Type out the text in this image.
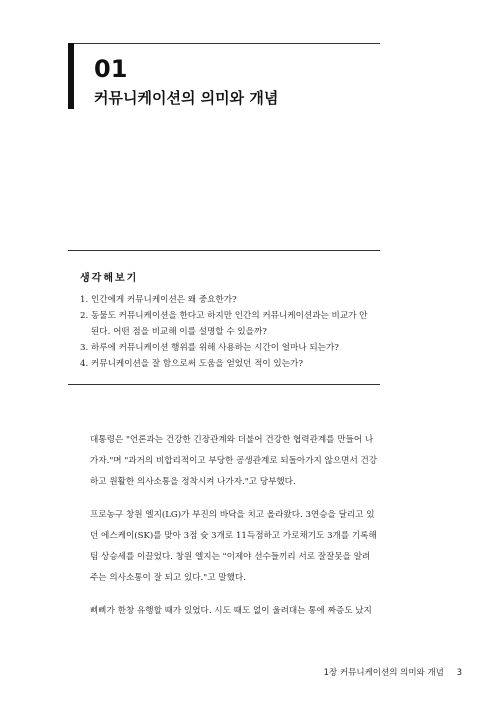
01
커뮤니케이션의 의미와 개념
생각해보기
1. 인간에게 커뮤니케이션은 왜 중요한가?
2. 동물도 커뮤니케이션을 한다고 하지만 인간의 커뮤니케이션과는 비교가 안
된다. 어떤 점을 비교해 이를 설명할 수 있을까?
3. 하루에 커뮤니케이션 행위를 위해 사용하는 시간이 얼마나 되는가?
4. 커뮤니케이션을 잘 함으로써 도움을 얻었던 적이 있는가?

대통령은 "언론과는 건강한 긴장관계와 더불어 건강한 협력관계를 만들어 나
가자."며 "과거의 비합리적이고 부당한 공생관계로 되돌아가지 않으면서 건강
하고 원활한 의사소통을 정착시켜 나가자."고 당부했다.

프로농구 창원 엘지(LG)가 부진의 바닥을 치고 올라왔다. 3연승을 달리고 있
던 에스케이(SK)를 맞아 3점 슛 3개로 11득점하고 가로채기도 3개를 기록해
팀 상승세를 이끌었다. 창원 엘지는 "이제야 선수들끼리 서로 잘잘못을 알려
주는 의사소통이 잘 되고 있다."고 말했다.

삐삐가 한창 유행할 때가 있었다. 시도 때도 없이 울려대는 통에 짜증도 났지

1장 커뮤니케이션의 의미와 개념 3
